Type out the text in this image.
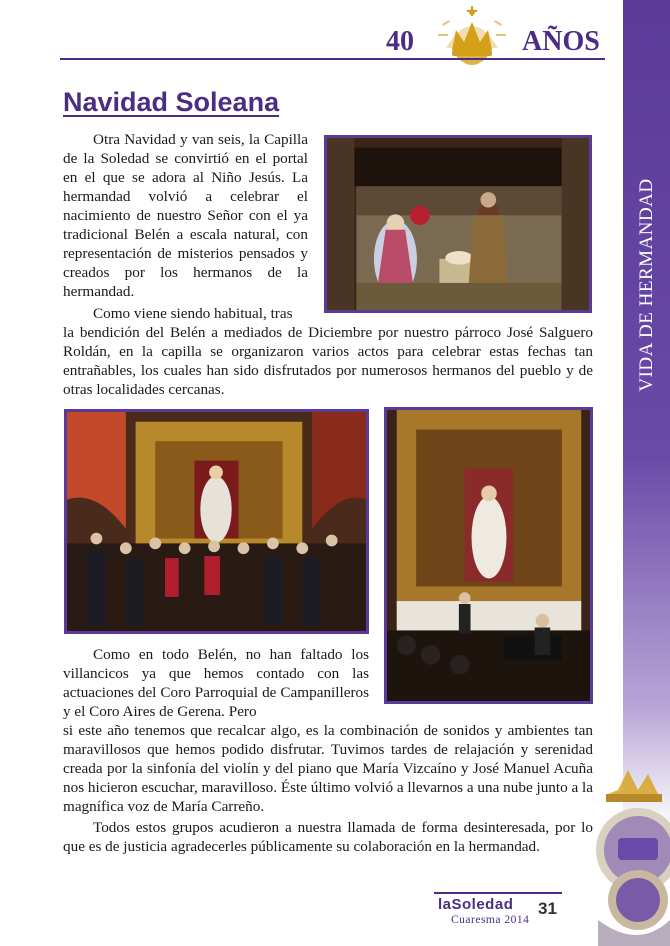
40	AÑOS
VIDA DE HERMANDAD
Navidad Soleana

Otra Navidad y van seis, la Capilla de la Soledad se convirtió en el portal en el que se adora al Niño Jesús. La hermandad volvió a celebrar el nacimiento de nuestro Señor con el ya tradicional Belén a escala natural, con representación de misterios pensados y creados por los hermanos de la hermandad.

Como viene siendo habitual, tras

la bendición del Belén a mediados de Diciembre por nuestro párroco José Salguero Roldán, en la capilla se organizaron varios actos para celebrar estas fechas tan entrañables, los cuales han sido disfrutados por numerosos hermanos del pueblo y de otras localidades cercanas.

Como en todo Belén, no han faltado los villancicos ya que hemos contado con las actuaciones del Coro Parroquial de Campanilleros y el Coro Aires de Gerena. Pero

si este año tenemos que recalcar algo, es la combinación de sonidos y ambientes tan maravillosos que hemos podido disfrutar. Tuvimos tardes de relajación y serenidad creada por la sinfonía del violín y del piano que María Vizcaíno y José Manuel Acuña nos hicieron escuchar, maravilloso. Éste último volvió a llevarnos a una nube junto a la magnífica voz de María Carreño.

Todos estos grupos acudieron a nuestra llamada de forma desinteresada, por lo que es de justicia agradecerles públicamente su colaboración en la hermandad.

laSoledad
Cuaresma 2014
31
